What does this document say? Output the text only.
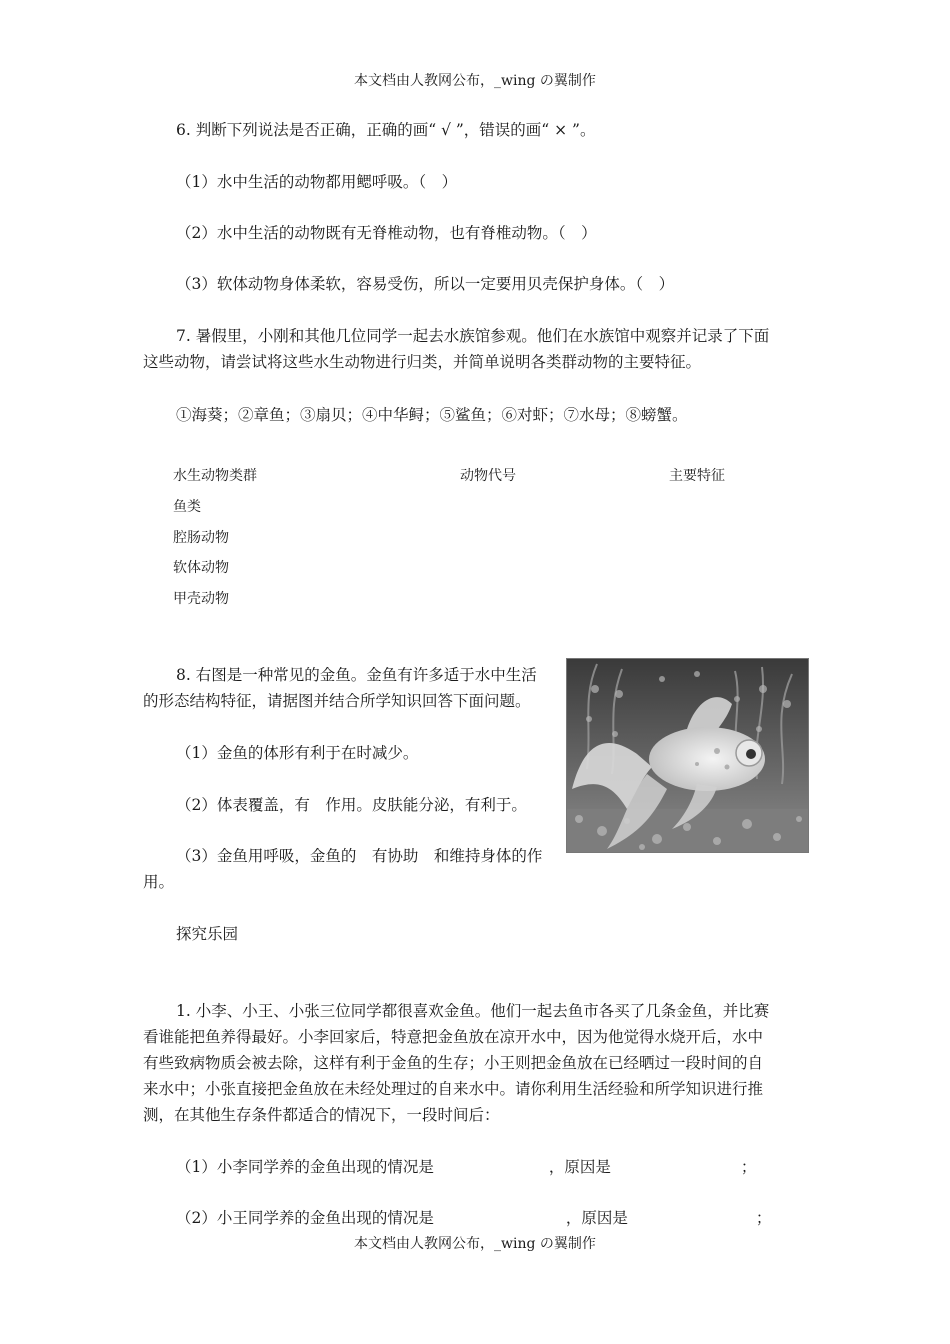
本文档由人教网公布，_wing の翼制作
6. 判断下列说法是否正确，正确的画“ √ ”，错误的画“ × ”。
（1）水中生活的动物都用鳃呼吸。（　）
（2）水中生活的动物既有无脊椎动物，也有脊椎动物。（　）
（3）软体动物身体柔软，容易受伤，所以一定要用贝壳保护身体。（　）
7. 暑假里，小刚和其他几位同学一起去水族馆参观。他们在水族馆中观察并记录了下面
这些动物，请尝试将这些水生动物进行归类，并简单说明各类群动物的主要特征。
①海葵；②章鱼；③扇贝；④中华鲟；⑤鲨鱼；⑥对虾；⑦水母；⑧螃蟹。
水生动物类群	动物代号	主要特征
鱼类
腔肠动物
软体动物
甲壳动物
8. 右图是一种常见的金鱼。金鱼有许多适于水中生活
的形态结构特征，请据图并结合所学知识回答下面问题。
（1）金鱼的体形有利于在时减少。
（2）体表覆盖，有　作用。皮肤能分泌，有利于。
（3）金鱼用呼吸，金鱼的　有协助　和维持身体的作
用。
探究乐园
1. 小李、小王、小张三位同学都很喜欢金鱼。他们一起去鱼市各买了几条金鱼，并比赛
看谁能把鱼养得最好。小李回家后，特意把金鱼放在凉开水中，因为他觉得水烧开后，水中
有些致病物质会被去除，这样有利于金鱼的生存；小王则把金鱼放在已经晒过一段时间的自
来水中；小张直接把金鱼放在未经处理过的自来水中。请你利用生活经验和所学知识进行推
测，在其他生存条件都适合的情况下，一段时间后：
（1）小李同学养的金鱼出现的情况是	，原因是	；
（2）小王同学养的金鱼出现的情况是	，原因是	；
本文档由人教网公布，_wing の翼制作
